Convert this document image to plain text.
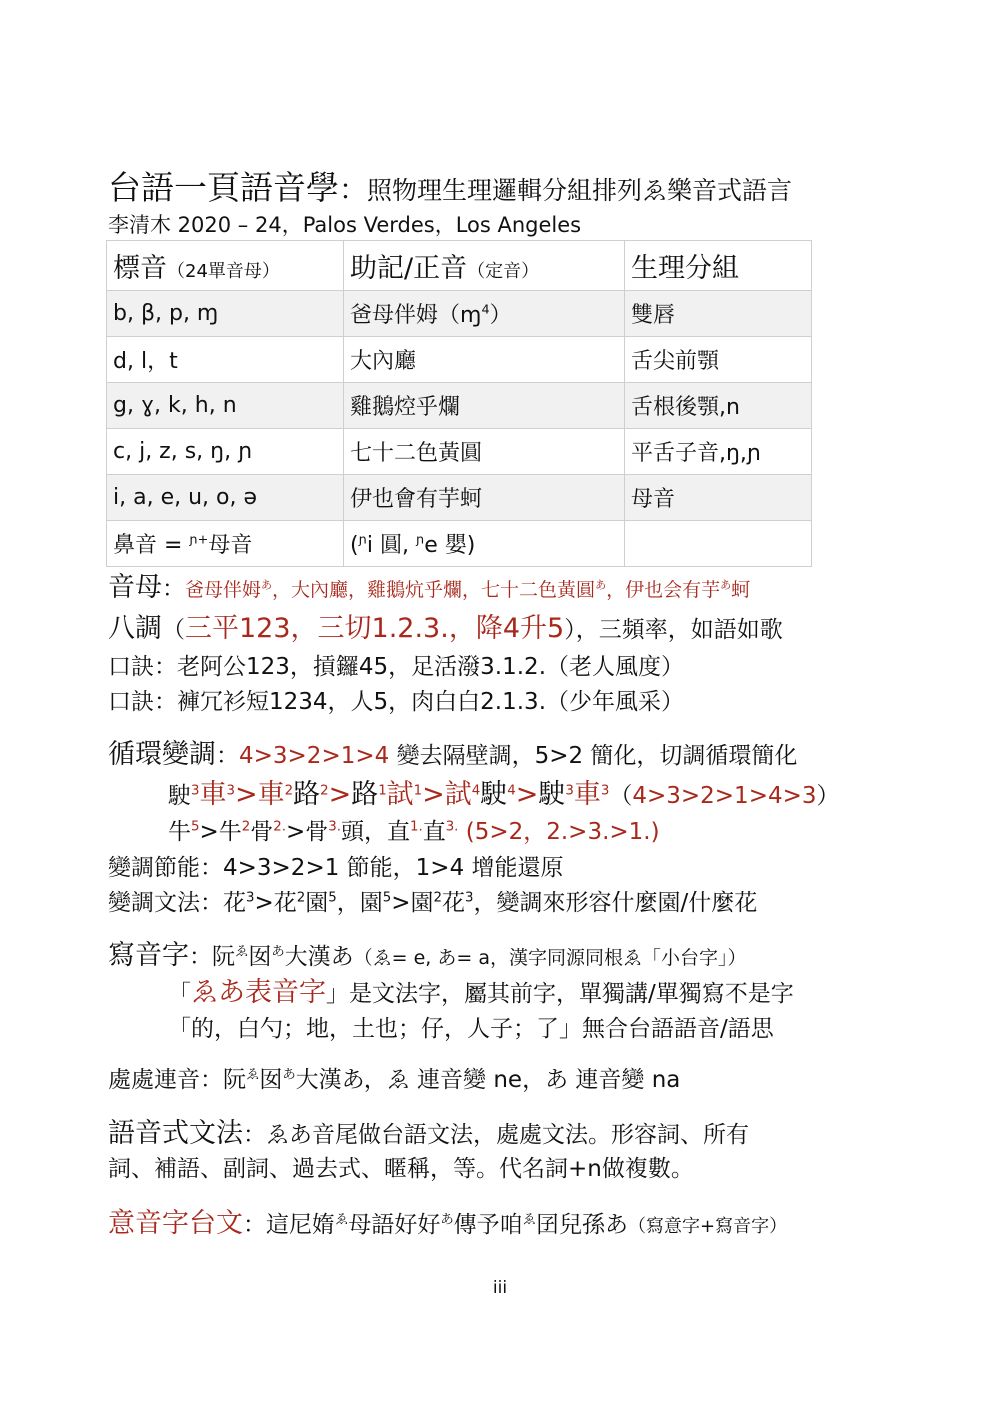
台語一頁語音學：照物理生理邏輯分組排列ゑ樂音式語言
李清木 2020 – 24，Palos Verdes，Los Angeles
標音（24單音母）	助記/正音（定音）	生理分組
b, β, p, ɱ	爸母伴姆（ɱ$^4$）	雙唇
d, l，t	大內廳	舌尖前顎
g, ɣ, k, h, n	雞鵝焢乎爛	舌根後顎,n
c, j, z, s, ŋ, ɲ	七十二色黃圓	平舌子音,ŋ,ɲ
i, a, e, u, o, ə	伊也會有芋蚵	母音
鼻音 = $^{ɲ+}$母音	($^ɲ$i 圓, $^ɲ$e 嬰)	
音母：爸母伴姆$^あ$，大內廳，雞鵝炕乎爛，七十二色黃圓$^あ$，伊也会有芋$^あ$蚵
八調（三平123，三切1.2.3.，降4升5），三頻率，如語如歌
口訣：老阿公123，摃鑼45，足活潑3.1.2.（老人風度）
口訣：褲冗衫短1234，人5，肉白白2.1.3.（少年風采）
循環變調：4>3>2>1>4 變去隔壁調，5>2 簡化，切調循環簡化
駛$^3$車$^3$>車$^2$路$^2$>路$^1$試$^1$>試$^4$駛$^4$>駛$^3$車$^3$（4>3>2>1>4>3）
牛$^5$>牛$^2$骨$^{2.}$>骨$^{3.}$頭，直$^{1.}$直$^{3.}$ (5>2，2.>3.>1.)
變調節能：4>3>2>1 節能，1>4 增能還原
變調文法：花$^3$>花$^2$園$^5$，園$^5$>園$^2$花$^3$，變調來形容什麼園/什麼花
寫音字：阮$^ゑ$囡$^あ$大漢あ（ゑ= e, あ= a，漢字同源同根ゑ「小台字」）
「ゑあ表音字」是文法字，屬其前字，單獨講/單獨寫不是字
「的，白勺；地，土也；仔，人子；了」無合台語語音/語思
處處連音：阮$^ゑ$囡$^あ$大漢あ，ゑ 連音變 ne，あ 連音變 na
語音式文法：ゑあ音尾做台語文法，處處文法。形容詞、所有
詞、補語、副詞、過去式、暱稱，等。代名詞+n做複數。
意音字台文：這尼媠$^ゑ$母語好好$^あ$傳予咱$^ゑ$囝兒孫あ（寫意字+寫音字）
iii
